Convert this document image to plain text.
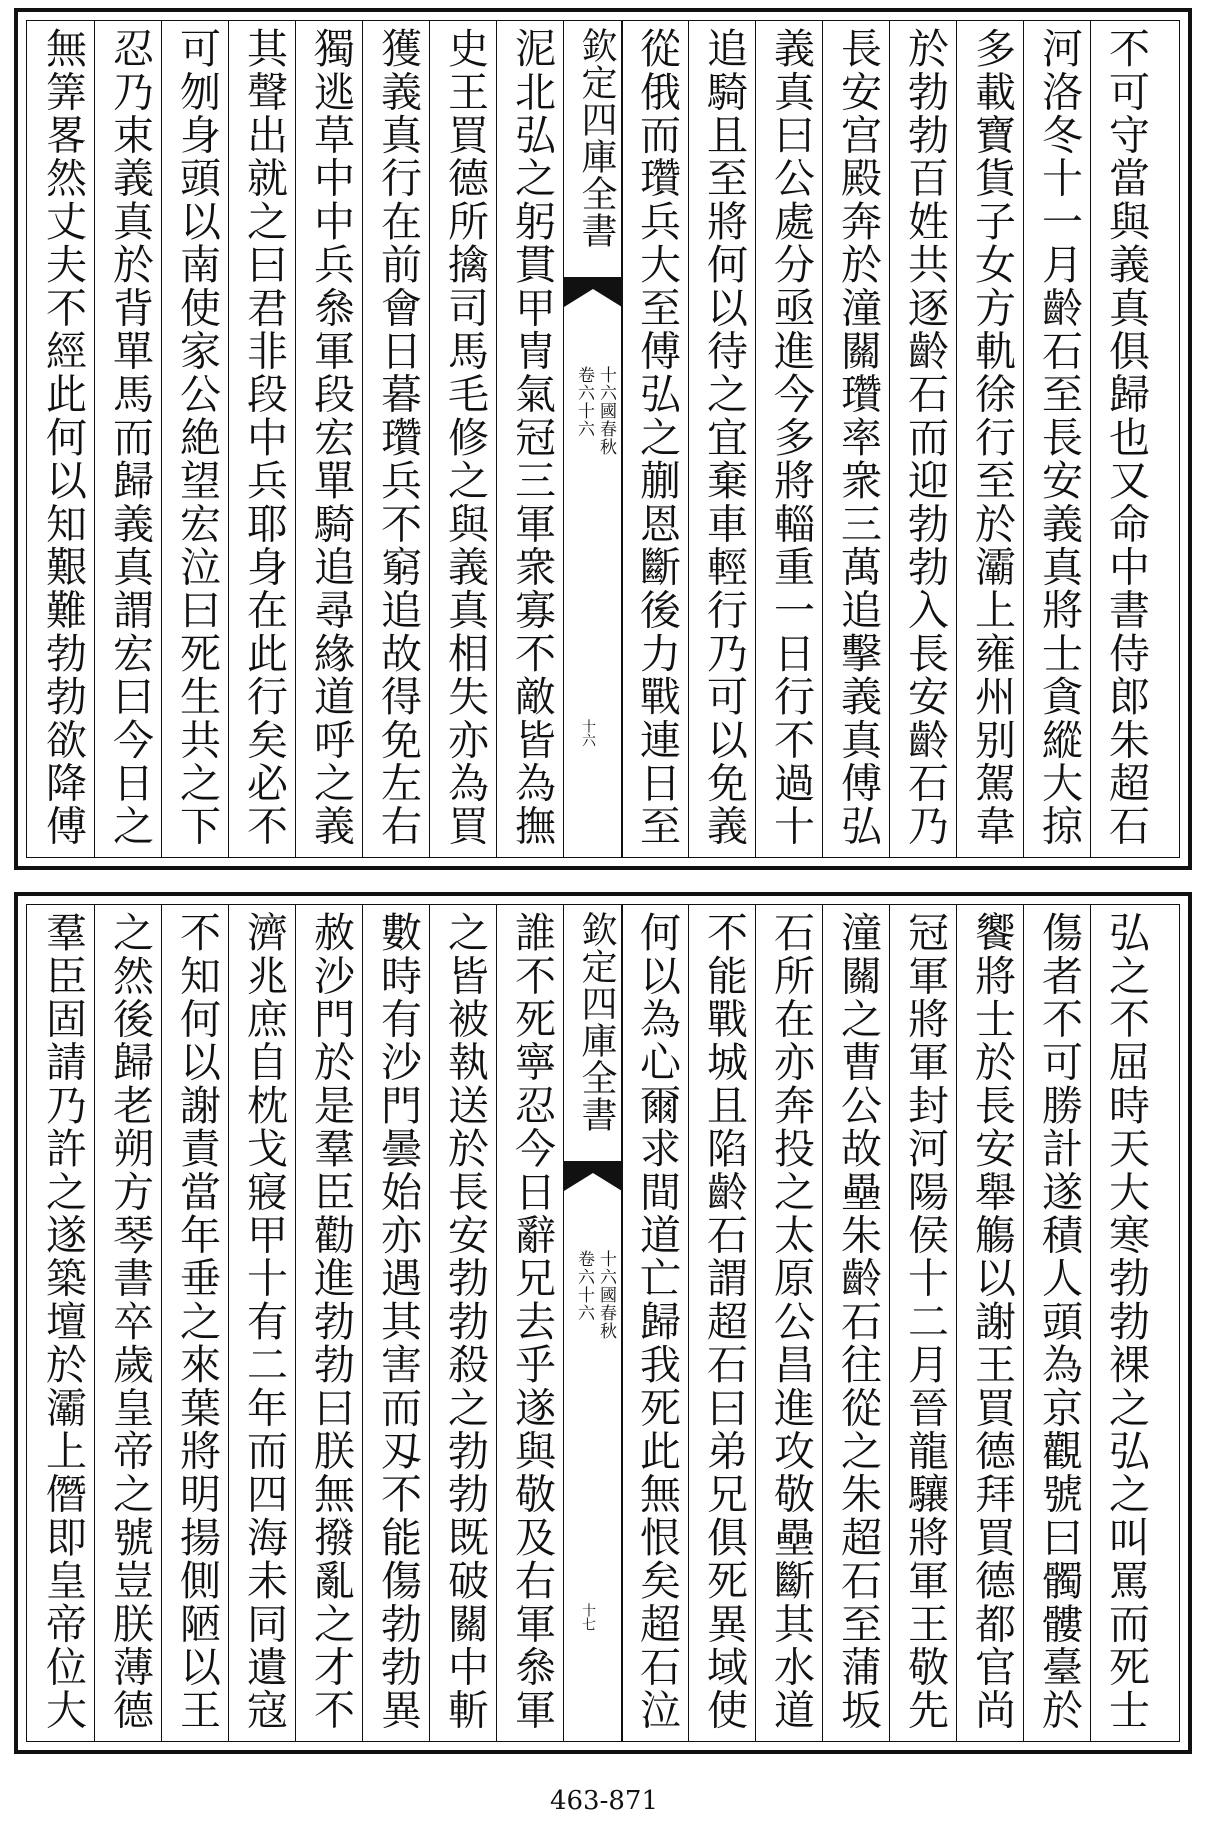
不可守當與義真俱歸也又命中書侍郎朱超石
河洛冬十一月齡石至長安義真將士貪縱大掠
多載寶貨子女方軌徐行至於灞上雍州别駕韋
於勃勃百姓共逐齡石而迎勃勃入長安齡石乃
長安宫殿奔於潼關瓚率衆三萬追擊義真傅弘
義真曰公處分亟進今多將輜重一日行不過十
追騎且至將何以待之宜棄車輕行乃可以免義
從俄而瓚兵大至傅弘之蒯恩斷後力戰連日至
欽定四庫全書
十六國春秋
卷六十六
十六
泥北弘之躬貫甲冑氣冠三軍衆寡不敵皆為撫
史王買德所擒司馬毛修之與義真相失亦為買
獲義真行在前會日暮瓚兵不窮追故得免左右
獨逃草中中兵叅軍段宏單騎追尋緣道呼之義
其聲出就之曰君非段中兵耶身在此行矣必不
可刎身頭以南使家公絶望宏泣曰死生共之下
忍乃束義真於背單馬而歸義真謂宏曰今日之
無筭畧然丈夫不經此何以知艱難勃勃欲降傅
弘之不屈時天大寒勃勃裸之弘之叫罵而死士
傷者不可勝計遂積人頭為京觀號曰髑髏臺於
饗將士於長安舉觴以謝王買德拜買德都官尚
冠軍將軍封河陽侯十二月晉龍驤將軍王敬先
潼關之曹公故壘朱齡石往從之朱超石至蒲坂
石所在亦奔投之太原公昌進攻敬壘斷其水道
不能戰城且陷齡石謂超石曰弟兄俱死異域使
何以為心爾求間道亡歸我死此無恨矣超石泣
欽定四庫全書
十六國春秋
卷六十六
十七
誰不死寧忍今日辭兄去乎遂與敬及右軍叅軍
之皆被執送於長安勃勃殺之勃勃既破關中斬
數時有沙門曇始亦遇其害而刄不能傷勃勃異
赦沙門於是羣臣勸進勃勃曰朕無撥亂之才不
濟兆庶自枕戈寢甲十有二年而四海未同遺寇
不知何以謝責當年垂之來葉將明揚側陋以王
之然後歸老朔方琴書卒歲皇帝之號豈朕薄德
羣臣固請乃許之遂築壇於灞上僭即皇帝位大
463-871
